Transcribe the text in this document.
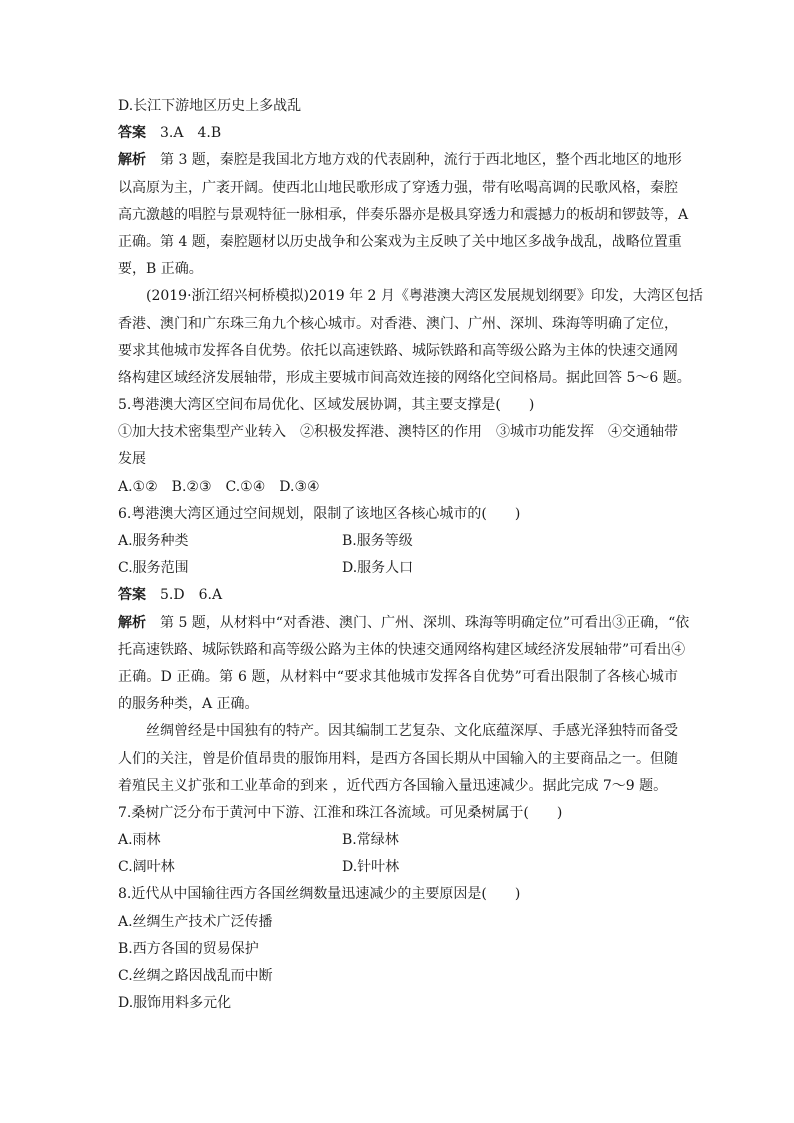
D.长江下游地区历史上多战乱
答案 3.A　4.B
解析 第 3 题，秦腔是我国北方地方戏的代表剧种，流行于西北地区，整个西北地区的地形
以高原为主，广袤开阔。使西北山地民歌形成了穿透力强，带有吆喝高调的民歌风格，秦腔
高亢激越的唱腔与景观特征一脉相承，伴奏乐器亦是极具穿透力和震撼力的板胡和锣鼓等，A
正确。第 4 题，秦腔题材以历史战争和公案戏为主反映了关中地区多战争战乱，战略位置重
要，B 正确。
(2019·浙江绍兴柯桥模拟)2019 年 2 月《粤港澳大湾区发展规划纲要》印发，大湾区包括
香港、澳门和广东珠三角九个核心城市。对香港、澳门、广州、深圳、珠海等明确了定位，
要求其他城市发挥各自优势。依托以高速铁路、城际铁路和高等级公路为主体的快速交通网
络构建区域经济发展轴带，形成主要城市间高效连接的网络化空间格局。据此回答 5～6 题。
5.粤港澳大湾区空间布局优化、区域发展协调，其主要支撑是(　　)
①加大技术密集型产业转入　②积极发挥港、澳特区的作用　③城市功能发挥　④交通轴带
发展
A.①②　B.②③　C.①④　D.③④
6.粤港澳大湾区通过空间规划，限制了该地区各核心城市的(　　)
A.服务种类	B.服务等级
C.服务范围	D.服务人口
答案 5.D　6.A
解析 第 5 题，从材料中“对香港、澳门、广州、深圳、珠海等明确定位”可看出③正确，“依
托高速铁路、城际铁路和高等级公路为主体的快速交通网络构建区域经济发展轴带”可看出④
正确。D 正确。第 6 题，从材料中“要求其他城市发挥各自优势”可看出限制了各核心城市
的服务种类，A 正确。
丝绸曾经是中国独有的特产。因其编制工艺复杂、文化底蕴深厚、手感光泽独特而备受
人们的关注，曾是价值昂贵的服饰用料，是西方各国长期从中国输入的主要商品之一。但随
着殖民主义扩张和工业革命的到来 ，近代西方各国输入量迅速减少。据此完成 7～9 题。
7.桑树广泛分布于黄河中下游、江淮和珠江各流域。可见桑树属于(　　)
A.雨林	B.常绿林
C.阔叶林	D.针叶林
8.近代从中国输往西方各国丝绸数量迅速减少的主要原因是(　　)
A.丝绸生产技术广泛传播
B.西方各国的贸易保护
C.丝绸之路因战乱而中断
D.服饰用料多元化
